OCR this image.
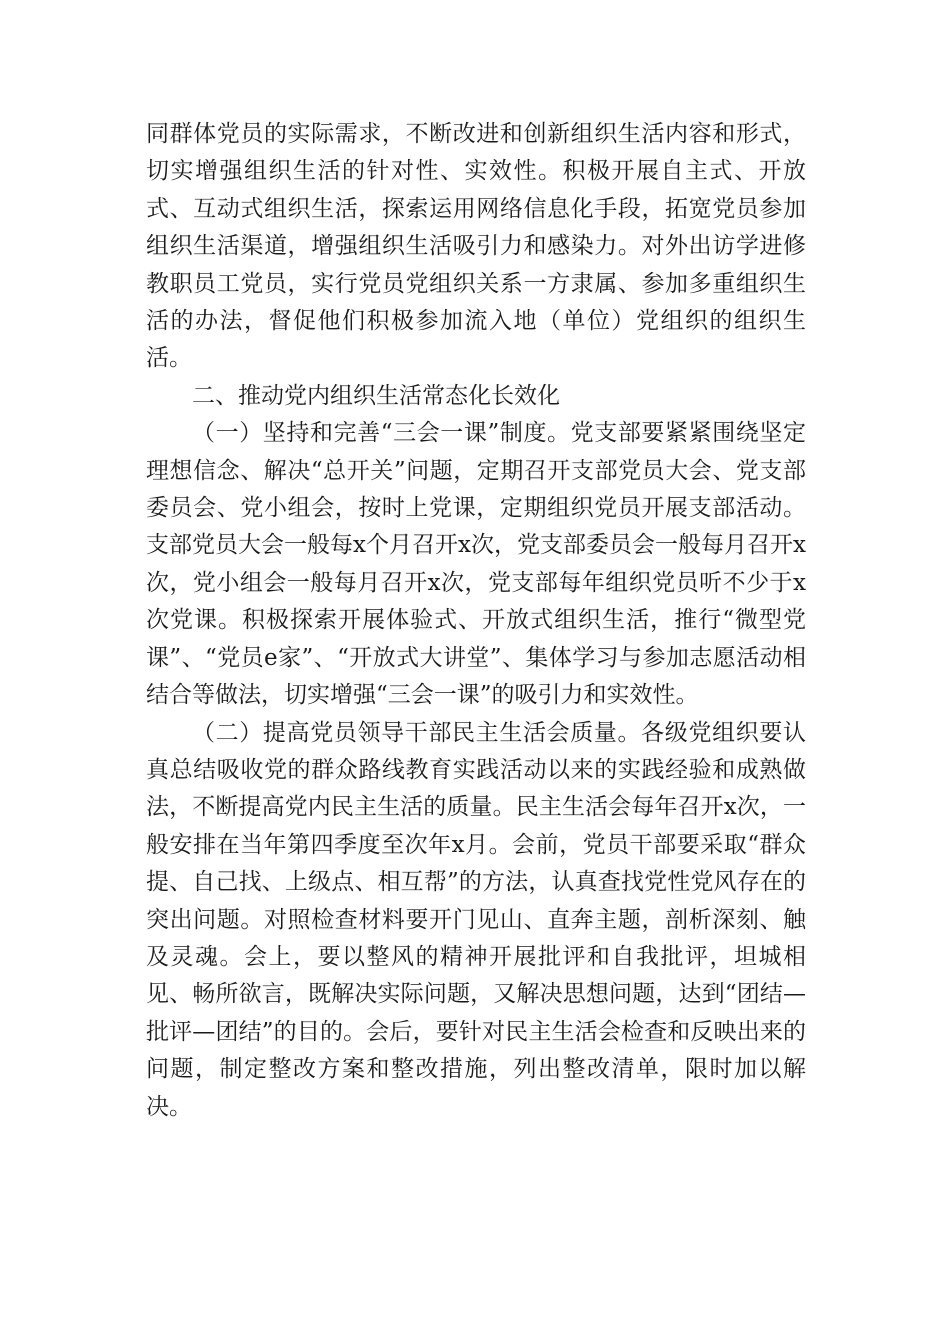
同群体党员的实际需求，不断改进和创新组织生活内容和形式，切实增强组织生活的针对性、实效性。积极开展自主式、开放式、互动式组织生活，探索运用网络信息化手段，拓宽党员参加组织生活渠道，增强组织生活吸引力和感染力。对外出访学进修教职员工党员，实行党员党组织关系一方隶属、参加多重组织生活的办法，督促他们积极参加流入地（单位）党组织的组织生活。

二、推动党内组织生活常态化长效化

（一）坚持和完善“三会一课”制度。党支部要紧紧围绕坚定理想信念、解决“总开关”问题，定期召开支部党员大会、党支部委员会、党小组会，按时上党课，定期组织党员开展支部活动。支部党员大会一般每x个月召开x次，党支部委员会一般每月召开x次，党小组会一般每月召开x次，党支部每年组织党员听不少于x次党课。积极探索开展体验式、开放式组织生活，推行“微型党课”、“党员e家”、“开放式大讲堂”、集体学习与参加志愿活动相结合等做法，切实增强“三会一课”的吸引力和实效性。

（二）提高党员领导干部民主生活会质量。各级党组织要认真总结吸收党的群众路线教育实践活动以来的实践经验和成熟做法，不断提高党内民主生活的质量。民主生活会每年召开x次，一般安排在当年第四季度至次年x月。会前，党员干部要采取“群众提、自己找、上级点、相互帮”的方法，认真查找党性党风存在的突出问题。对照检查材料要开门见山、直奔主题，剖析深刻、触及灵魂。会上，要以整风的精神开展批评和自我批评，坦城相见、畅所欲言，既解决实际问题，又解决思想问题，达到“团结—批评—团结”的目的。会后，要针对民主生活会检查和反映出来的问题，制定整改方案和整改措施，列出整改清单，限时加以解决。
